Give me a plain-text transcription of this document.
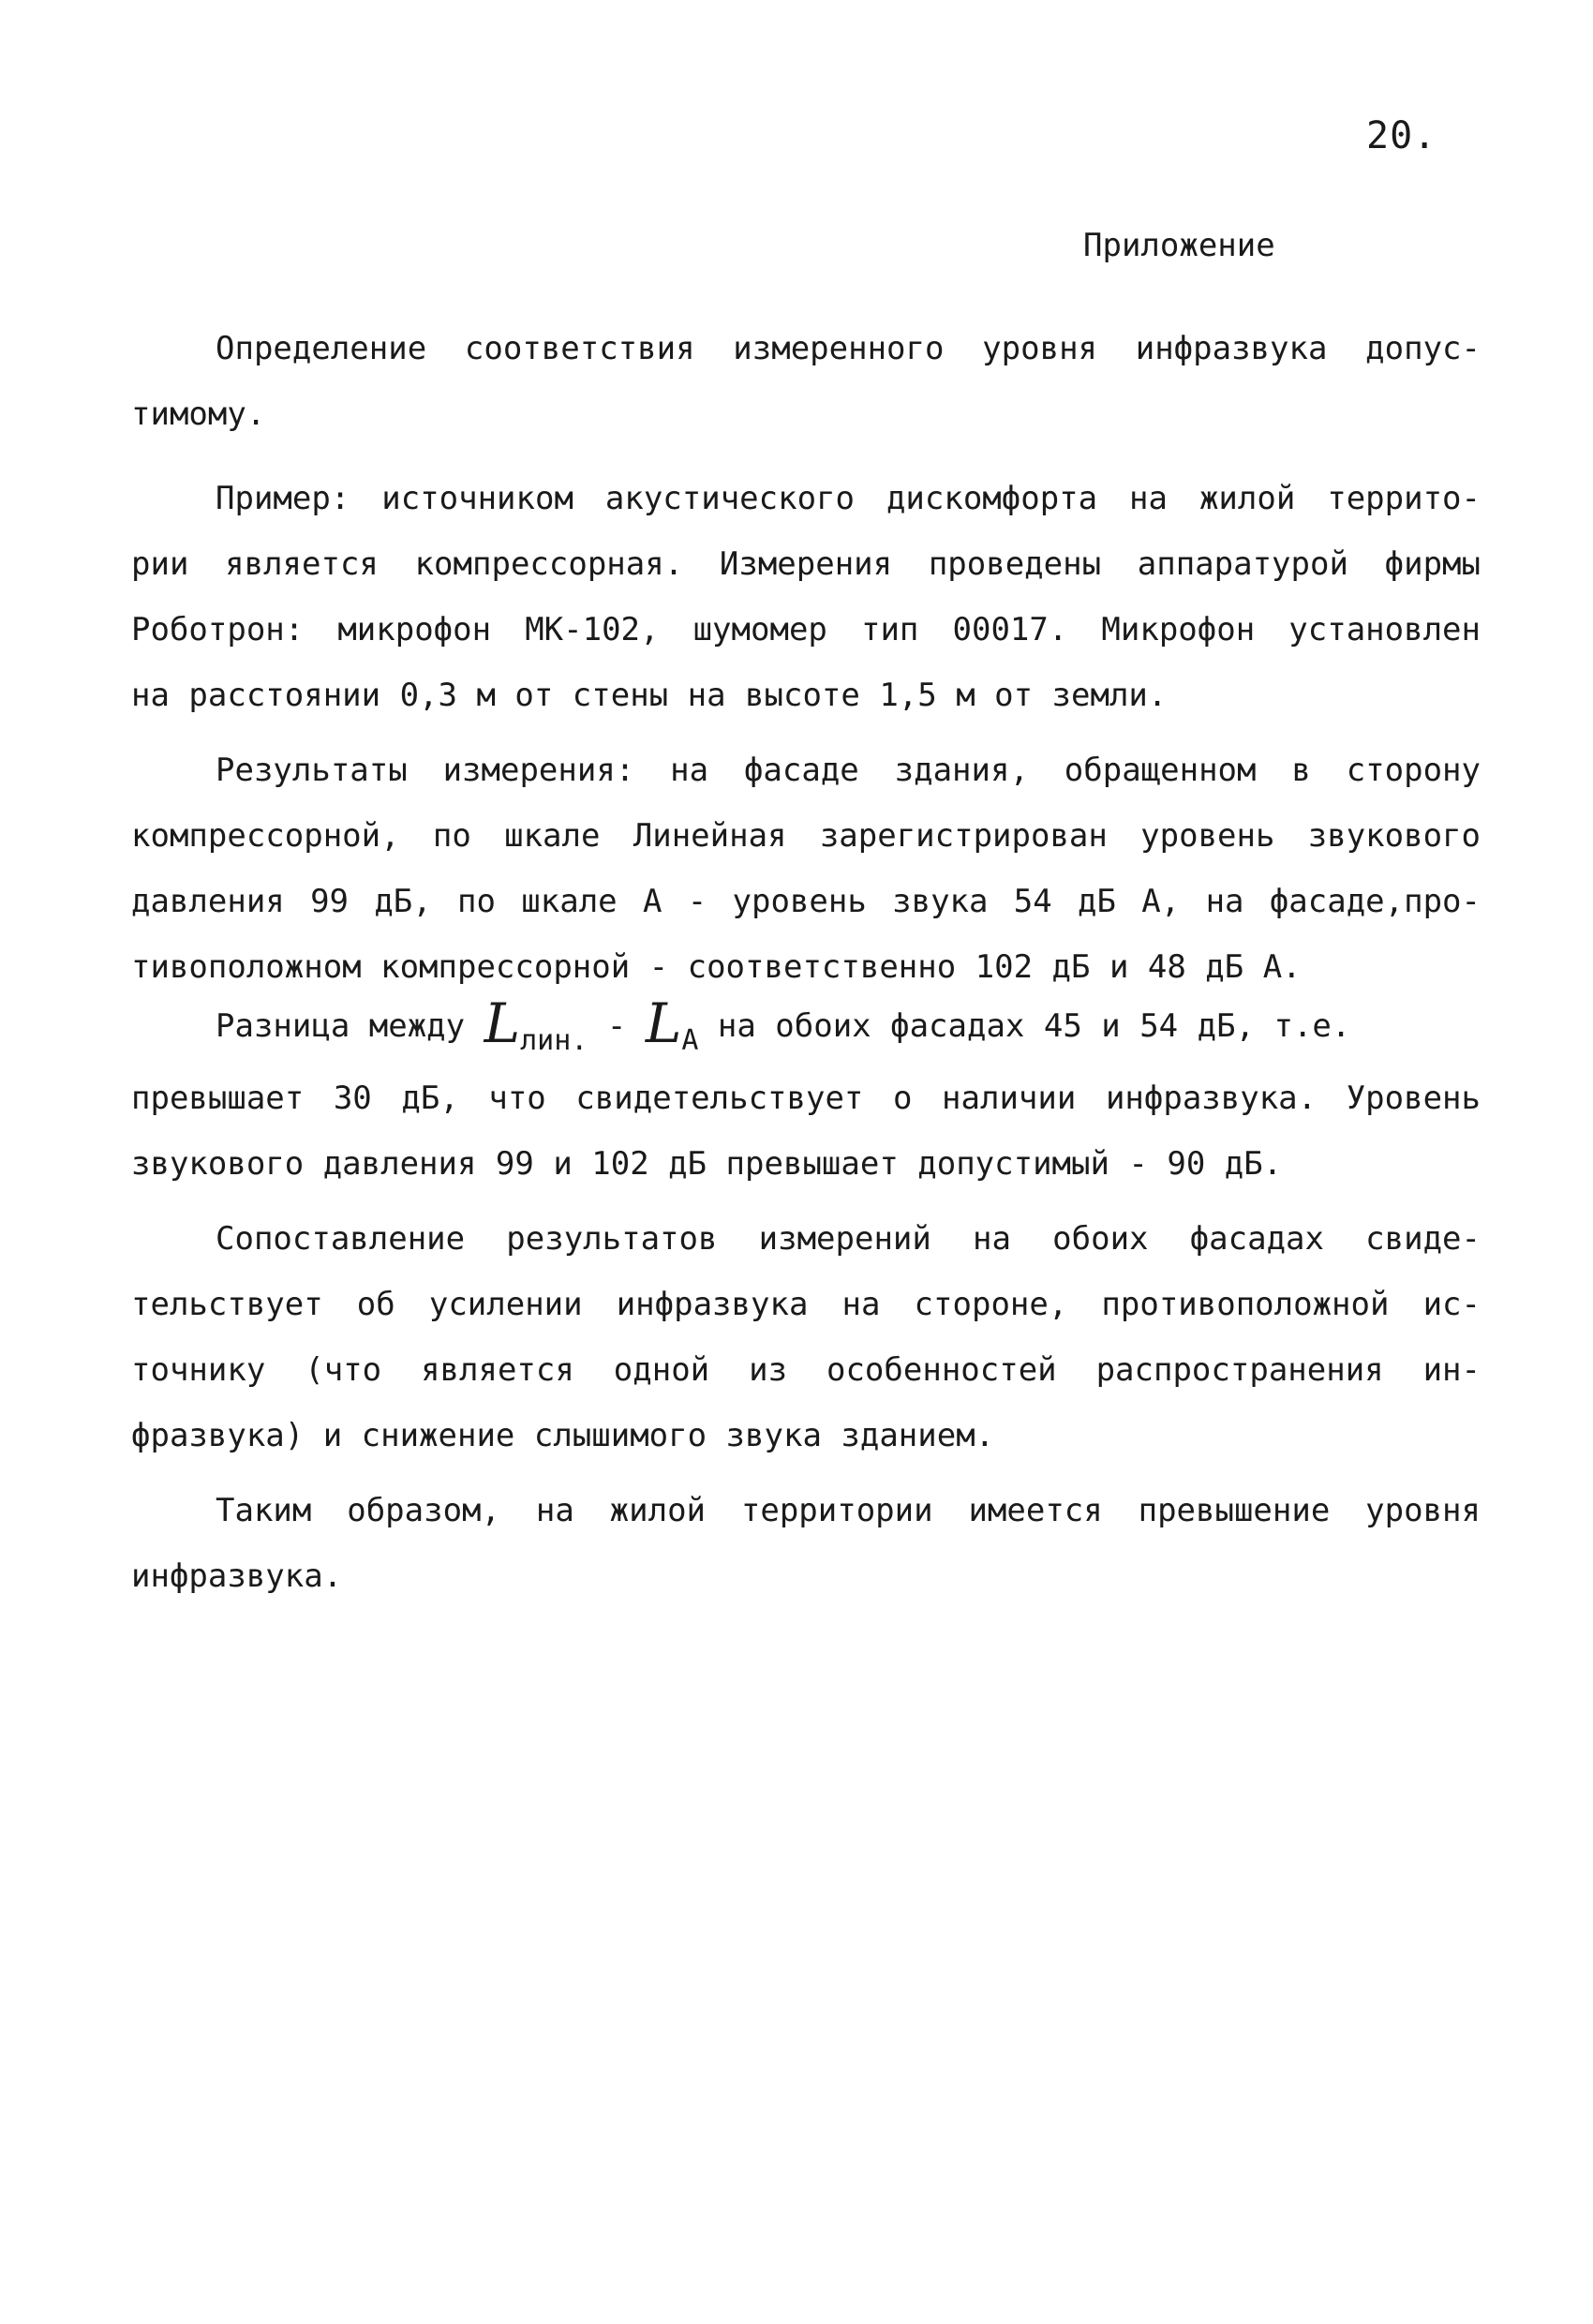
20.
Приложение
Определение соответствия измеренного уровня инфразвука допус-
тимому.
Пример: источником акустического дискомфорта на жилой террито-
рии является компрессорная. Измерения проведены аппаратурой фирмы
Роботрон: микрофон МК-102, шумомер тип 00017. Микрофон установлен
на расстоянии 0,3 м от стены на высоте 1,5 м от земли.
Результаты измерения: на фасаде здания, обращенном в сторону
компрессорной, по шкале Линейная зарегистрирован уровень звукового
давления 99 дБ, по шкале А - уровень звука 54 дБ А, на фасаде,про-
тивоположном компрессорной - соответственно 102 дБ и 48 дБ А.
Разница между Lлин. - LА на обоих фасадах 45 и 54 дБ, т.е.
превышает 30 дБ, что свидетельствует о наличии инфразвука. Уровень
звукового давления 99 и 102 дБ превышает допустимый - 90 дБ.
Сопоставление результатов измерений на обоих фасадах свиде-
тельствует об усилении инфразвука на стороне, противоположной ис-
точнику (что является одной из особенностей распространения ин-
фразвука) и снижение слышимого звука зданием.
Таким образом, на жилой территории имеется превышение уровня
инфразвука.
